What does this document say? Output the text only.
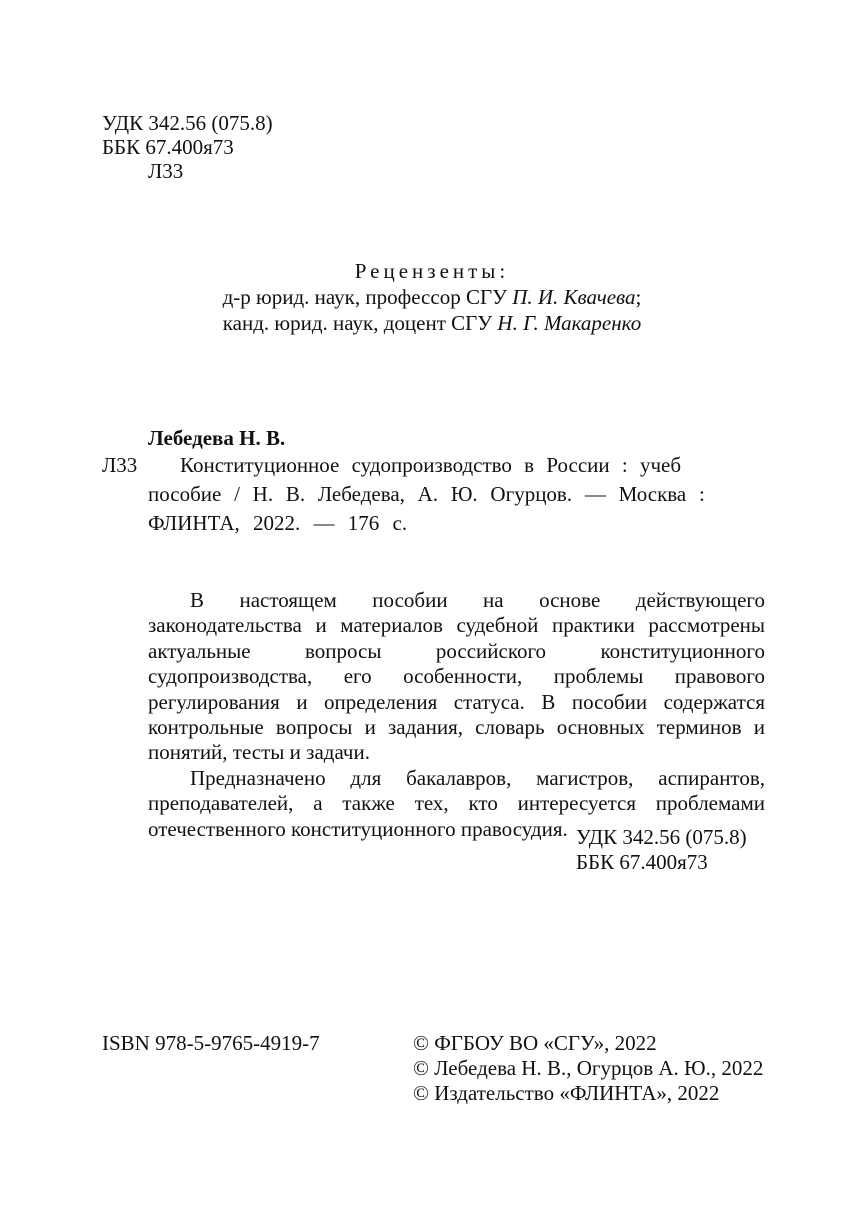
УДК 342.56 (075.8)
ББК 67.400я73
Л33
Рецензенты:
д-р юрид. наук, профессор СГУ П. И. Квачева;
канд. юрид. наук, доцент СГУ Н. Г. Макаренко
Лебедева Н. В.
Л33 Конституционное судопроизводство в России : учеб
пособие / Н. В. Лебедева, А. Ю. Огурцов. — Москва :
ФЛИНТА, 2022. — 176 с.

В настоящем пособии на основе действующего законодательства и материалов судебной практики рассмотрены актуальные вопросы российского конституционного судопроизводства, его особенности, проблемы правового регулирования и определения статуса. В пособии содержатся контрольные вопросы и задания, словарь основных терминов и понятий, тесты и задачи.

Предназначено для бакалавров, магистров, аспирантов, преподавателей, а также тех, кто интересуется проблемами отечественного конституционного правосудия. УДК 342.56 (075.8)
ББК 67.400я73
ISBN 978-5-9765-4919-7	© ФГБОУ ВО «СГУ», 2022
© Лебедева Н. В., Огурцов А. Ю., 2022
© Издательство «ФЛИНТА», 2022
